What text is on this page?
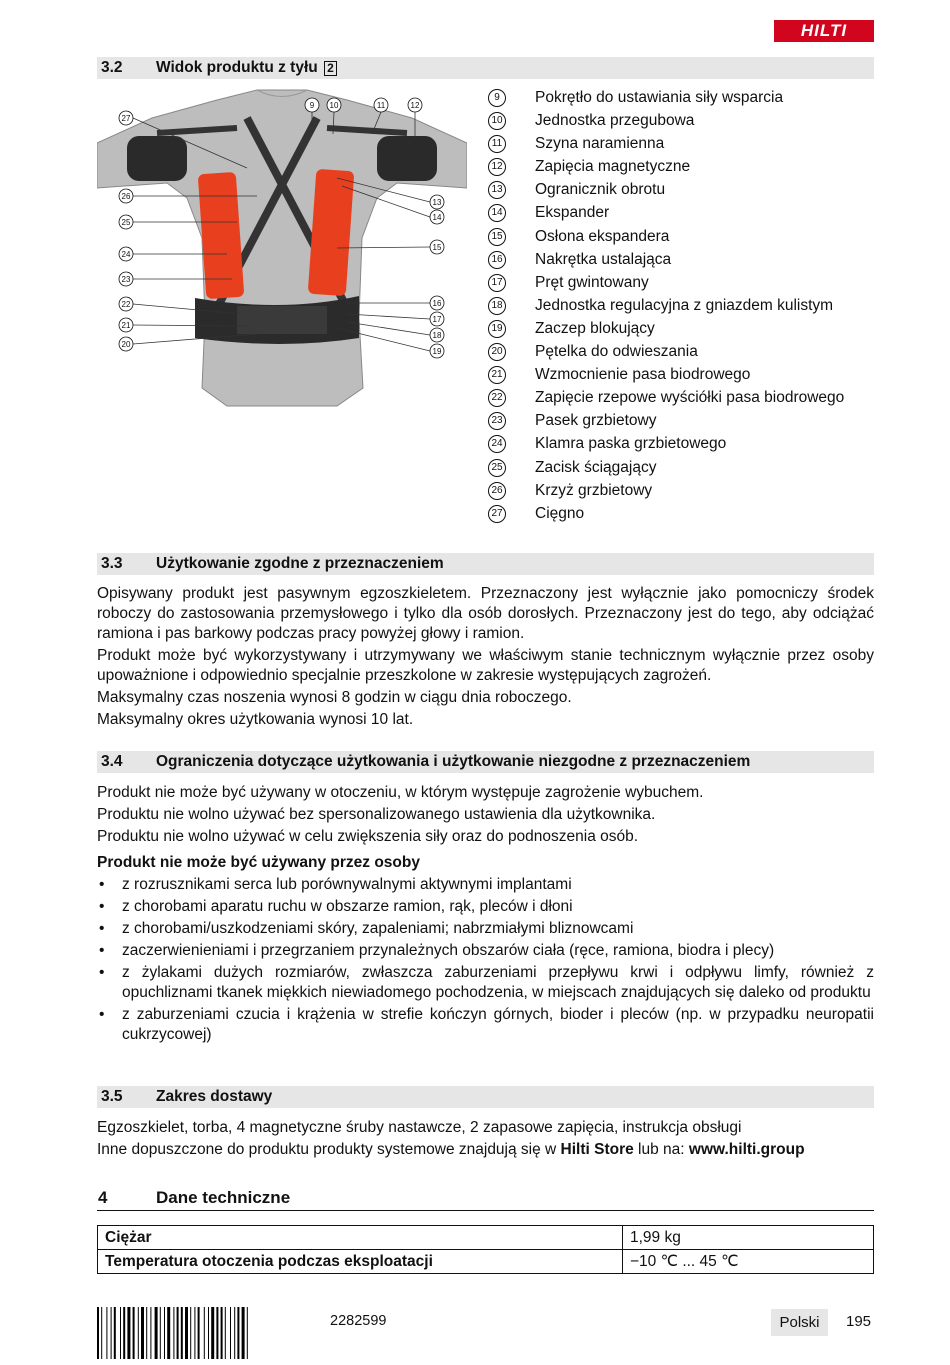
HILTI
3.2 Widok produktu z tyłu 2
27
26
25
24
23
22
21
20
9 10	11	12
13
14
15
16
17
18
19
9	Pokrętło do ustawiania siły wsparcia
10 Jednostka przegubowa
11 Szyna naramienna
12 Zapięcia magnetyczne
13 Ogranicznik obrotu
14 Ekspander
15 Osłona ekspandera
16 Nakrętka ustalająca
17 Pręt gwintowany
18 Jednostka regulacyjna z gniazdem kulistym
19 Zaczep blokujący
20 Pętelka do odwieszania
21 Wzmocnienie pasa biodrowego
22 Zapięcie rzepowe wyściółki pasa biodrowego
23 Pasek grzbietowy
24 Klamra paska grzbietowego
25 Zacisk ściągający
26 Krzyż grzbietowy
27 Cięgno
3.3 Użytkowanie zgodne z przeznaczeniem

Opisywany produkt jest pasywnym egzoszkieletem. Przeznaczony jest wyłącznie jako pomocniczy środek roboczy do zastosowania przemysłowego i tylko dla osób dorosłych. Przeznaczony jest do tego, aby odciążać ramiona i pas barkowy podczas pracy powyżej głowy i ramion.

Produkt może być wykorzystywany i utrzymywany we właściwym stanie technicznym wyłącznie przez osoby upoważnione i odpowiednio specjalnie przeszkolone w zakresie występujących zagrożeń.

Maksymalny czas noszenia wynosi 8 godzin w ciągu dnia roboczego.

Maksymalny okres użytkowania wynosi 10 lat.

3.4 Ograniczenia dotyczące użytkowania i użytkowanie niezgodne z przeznaczeniem

Produkt nie może być używany w otoczeniu, w którym występuje zagrożenie wybuchem.

Produktu nie wolno używać bez spersonalizowanego ustawienia dla użytkownika.

Produktu nie wolno używać w celu zwiększenia siły oraz do podnoszenia osób.

Produkt nie może być używany przez osoby

• z rozrusznikami serca lub porównywalnymi aktywnymi implantami
• z chorobami aparatu ruchu w obszarze ramion, rąk, pleców i dłoni
• z chorobami/uszkodzeniami skóry, zapaleniami; nabrzmiałymi bliznowcami
• zaczerwienieniami i przegrzaniem przynależnych obszarów ciała (ręce, ramiona, biodra i plecy)
• z żylakami dużych rozmiarów, zwłaszcza zaburzeniami przepływu krwi i odpływu limfy, również z opuchliznami tkanek miękkich niewiadomego pochodzenia, w miejscach znajdujących się daleko od produktu
• z zaburzeniami czucia i krążenia w strefie kończyn górnych, bioder i pleców (np. w przypadku neuropatii cukrzycowej)
3.5 Zakres dostawy

Egzoszkielet, torba, 4 magnetyczne śruby nastawcze, 2 zapasowe zapięcia, instrukcja obsługi

Inne dopuszczone do produktu produkty systemowe znajdują się w Hilti Store lub na: www.hilti.group

4	Dane techniczne
Ciężar	1,99 kg
Temperatura otoczenia podczas eksploatacji	−10 ℃ ... 45 ℃
2282599	Polski	195
